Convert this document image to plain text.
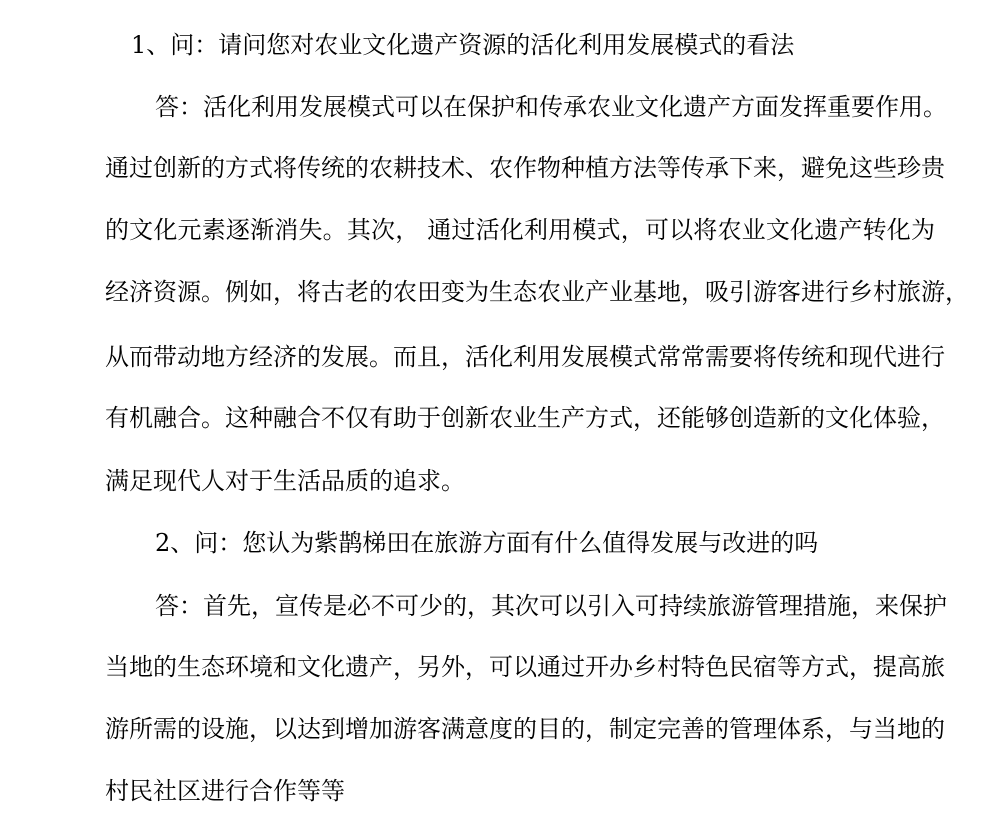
1、问：请问您对农业文化遗产资源的活化利用发展模式的看法
答：活化利用发展模式可以在保护和传承农业文化遗产方面发挥重要作用。
通过创新的方式将传统的农耕技术、农作物种植方法等传承下来，避免这些珍贵
的文化元素逐渐消失。其次， 通过活化利用模式，可以将农业文化遗产转化为
经济资源。例如，将古老的农田变为生态农业产业基地，吸引游客进行乡村旅游，
从而带动地方经济的发展。而且，活化利用发展模式常常需要将传统和现代进行
有机融合。这种融合不仅有助于创新农业生产方式，还能够创造新的文化体验，
满足现代人对于生活品质的追求。
2、问：您认为紫鹊梯田在旅游方面有什么值得发展与改进的吗
答：首先，宣传是必不可少的，其次可以引入可持续旅游管理措施，来保护
当地的生态环境和文化遗产，另外，可以通过开办乡村特色民宿等方式，提高旅
游所需的设施，以达到增加游客满意度的目的，制定完善的管理体系，与当地的
村民社区进行合作等等
